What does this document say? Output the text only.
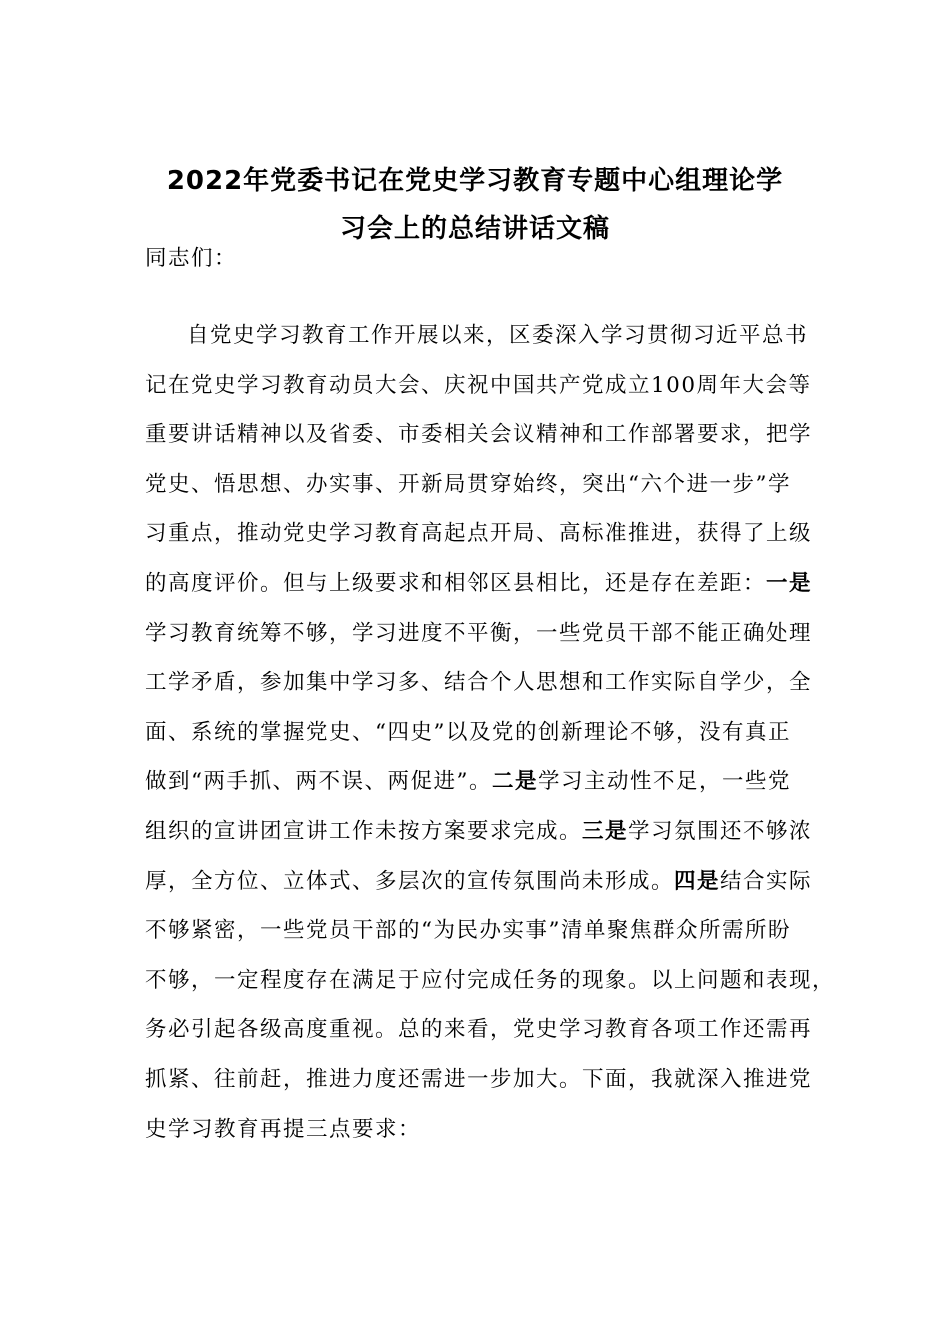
2022年党委书记在党史学习教育专题中心组理论学
习会上的总结讲话文稿
同志们：
自党史学习教育工作开展以来，区委深入学习贯彻习近平总书
记在党史学习教育动员大会、庆祝中国共产党成立100周年大会等
重要讲话精神以及省委、市委相关会议精神和工作部署要求，把学
党史、悟思想、办实事、开新局贯穿始终，突出“六个进一步”学
习重点，推动党史学习教育高起点开局、高标准推进，获得了上级
的高度评价。但与上级要求和相邻区县相比，还是存在差距：一是
学习教育统筹不够，学习进度不平衡，一些党员干部不能正确处理
工学矛盾，参加集中学习多、结合个人思想和工作实际自学少，全
面、系统的掌握党史、“四史”以及党的创新理论不够，没有真正
做到“两手抓、两不误、两促进”。二是学习主动性不足，一些党
组织的宣讲团宣讲工作未按方案要求完成。三是学习氛围还不够浓
厚，全方位、立体式、多层次的宣传氛围尚未形成。四是结合实际
不够紧密，一些党员干部的“为民办实事”清单聚焦群众所需所盼
不够，一定程度存在满足于应付完成任务的现象。以上问题和表现，
务必引起各级高度重视。总的来看，党史学习教育各项工作还需再
抓紧、往前赶，推进力度还需进一步加大。下面，我就深入推进党
史学习教育再提三点要求：
